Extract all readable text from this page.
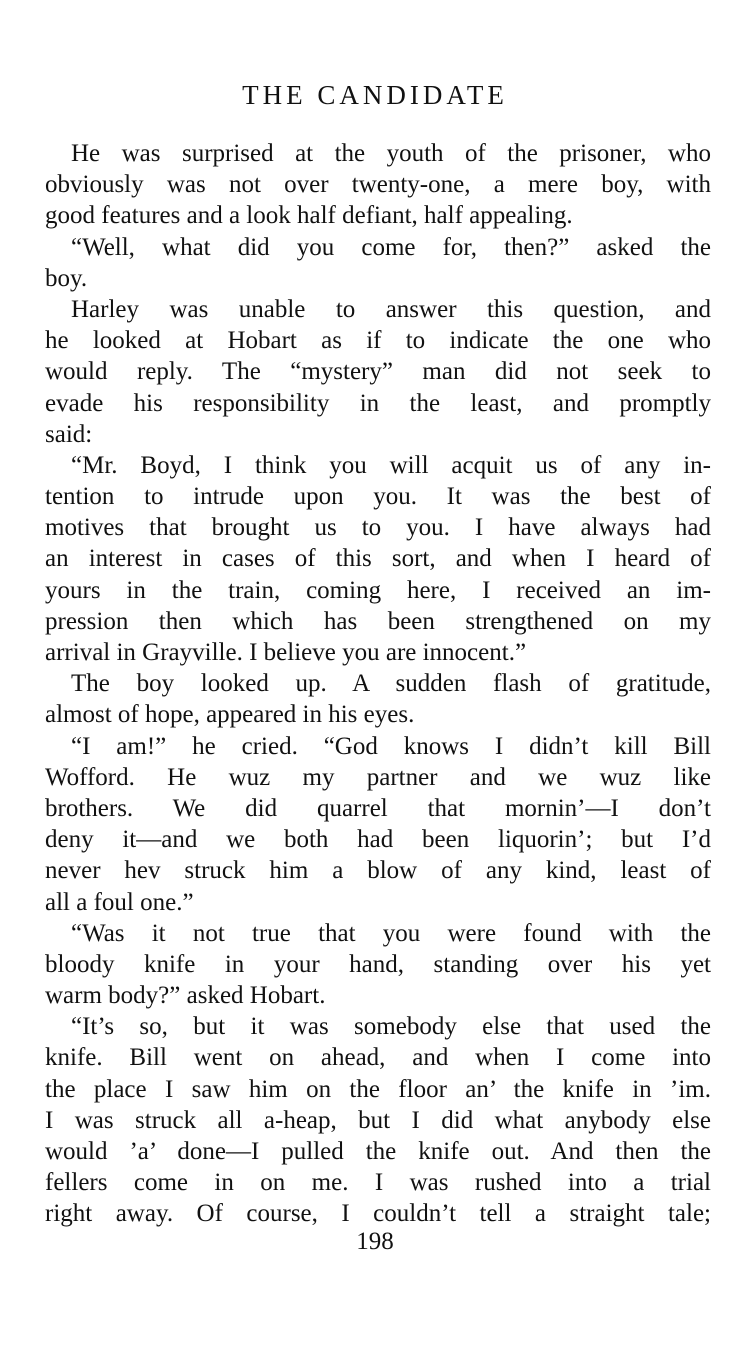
THE CANDIDATE
He was surprised at the youth of the prisoner, who
obviously was not over twenty-one, a mere boy, with
good features and a look half defiant, half appealing.
“Well, what did you come for, then?” asked the
boy.
Harley was unable to answer this question, and
he looked at Hobart as if to indicate the one who
would reply. The “mystery” man did not seek to
evade his responsibility in the least, and promptly
said:
“Mr. Boyd, I think you will acquit us of any in-
tention to intrude upon you. It was the best of
motives that brought us to you. I have always had
an interest in cases of this sort, and when I heard of
yours in the train, coming here, I received an im-
pression then which has been strengthened on my
arrival in Grayville. I believe you are innocent.”
The boy looked up. A sudden flash of gratitude,
almost of hope, appeared in his eyes.
“I am!” he cried. “God knows I didn’t kill Bill
Wofford. He wuz my partner and we wuz like
brothers. We did quarrel that mornin’—I don’t
deny it—and we both had been liquorin’; but I’d
never hev struck him a blow of any kind, least of
all a foul one.”
“Was it not true that you were found with the
bloody knife in your hand, standing over his yet
warm body?” asked Hobart.
“It’s so, but it was somebody else that used the
knife. Bill went on ahead, and when I come into
the place I saw him on the floor an’ the knife in ’im.
I was struck all a-heap, but I did what anybody else
would ’a’ done—I pulled the knife out. And then the
fellers come in on me. I was rushed into a trial
right away. Of course, I couldn’t tell a straight tale;
198
